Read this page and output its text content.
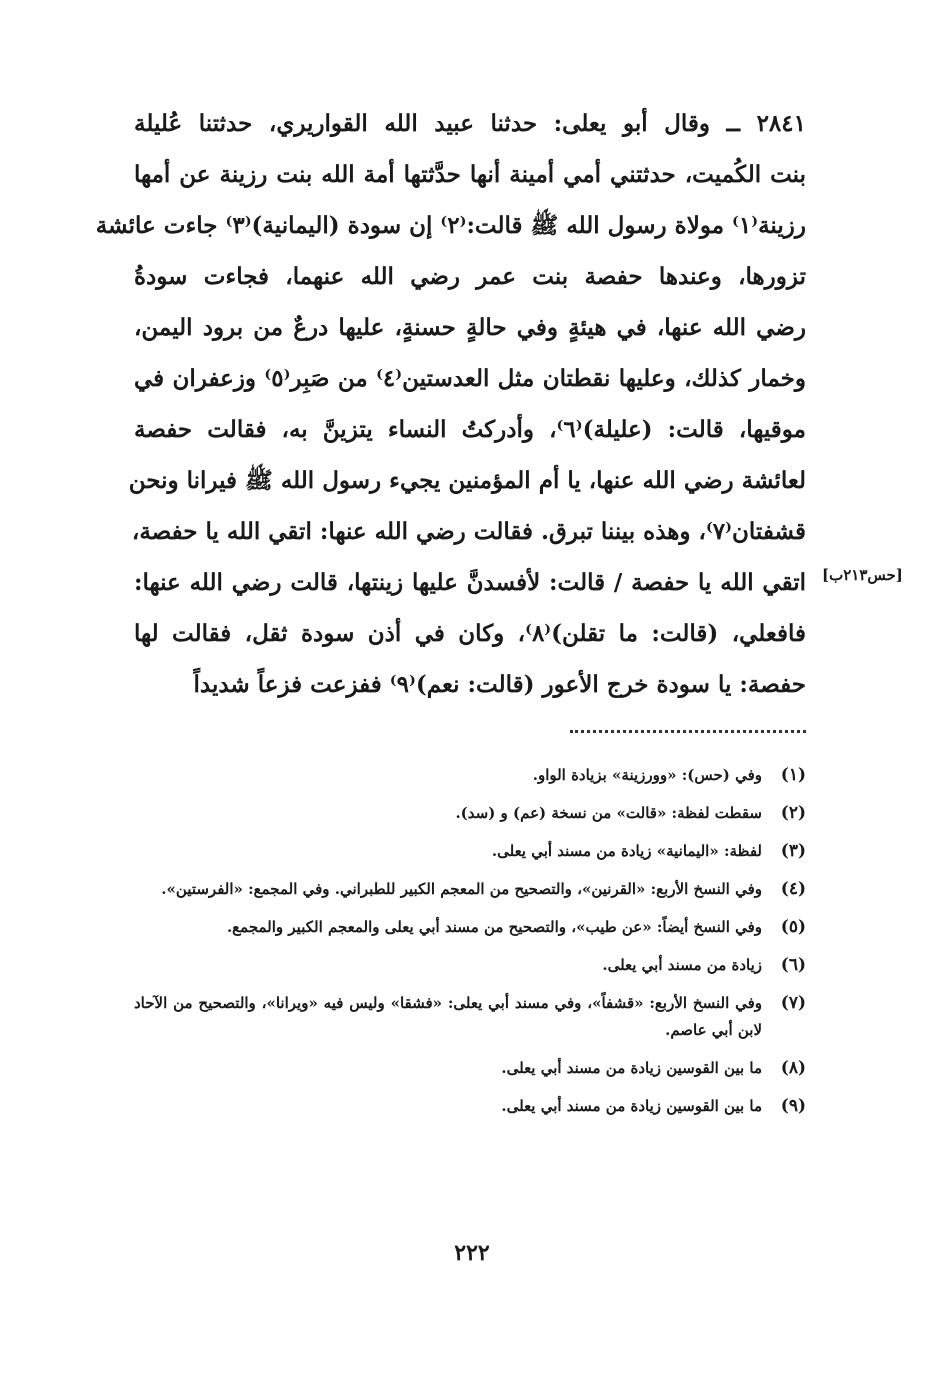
٢٨٤١ ــ وقال أبو يعلى: حدثنا عبيد الله القواريري، حدثتنا عُليلة
بنت الكُميت، حدثتني أمي أمينة أنها حدَّثتها أمة الله بنت رزينة عن أمها
رزينة⁽١⁾ مولاة رسول الله ﷺ قالت:⁽٢⁾ إن سودة (اليمانية)⁽٣⁾ جاءت عائشة
تزورها، وعندها حفصة بنت عمر رضي الله عنهما، فجاءت سودةُ
رضي الله عنها، في هيئةٍ وفي حالةٍ حسنةٍ، عليها درعٌ من برود اليمن،
وخمار كذلك، وعليها نقطتان مثل العدستين⁽٤⁾ من صَبِر⁽٥⁾ وزعفران في
موقيها، قالت: (عليلة)⁽٦⁾، وأدركتُ النساء يتزينَّ به، فقالت حفصة
لعائشة رضي الله عنها، يا أم المؤمنين يجيء رسول الله ﷺ فيرانا ونحن
قشفتان⁽٧⁾، وهذه بيننا تبرق. فقالت رضي الله عنها: اتقي الله يا حفصة،
اتقي الله يا حفصة / قالت: لأفسدنَّ عليها زينتها، قالت رضي الله عنها:
فافعلي، (قالت: ما تقلن)⁽٨⁾، وكان في أذن سودة ثقل، فقالت لها
حفصة: يا سودة خرج الأعور (قالت: نعم)⁽٩⁾ ففزعت فزعاً شديداً
[حس٢١٣ب]
(١)
وفي (حس): «وورزينة» بزيادة الواو.
(٢)
سقطت لفظة: «قالت» من نسخة (عم) و (سد).
(٣)
لفظة: «اليمانية» زيادة من مسند أبي يعلى.
(٤)
وفي النسخ الأربع: «القرنين»، والتصحيح من المعجم الكبير للطبراني. وفي المجمع: «الفرستين».
(٥)
وفي النسخ أيضاً: «عن طيب»، والتصحيح من مسند أبي يعلى والمعجم الكبير والمجمع.
(٦)
زيادة من مسند أبي يعلى.
(٧)
وفي النسخ الأربع: «قشفاً»، وفي مسند أبي يعلى: «فشقا» وليس فيه «ويرانا»، والتصحيح من الآحاد لابن أبي عاصم.
(٨)
ما بين القوسين زيادة من مسند أبي يعلى.
(٩)
ما بين القوسين زيادة من مسند أبي يعلى.
٢٢٢
